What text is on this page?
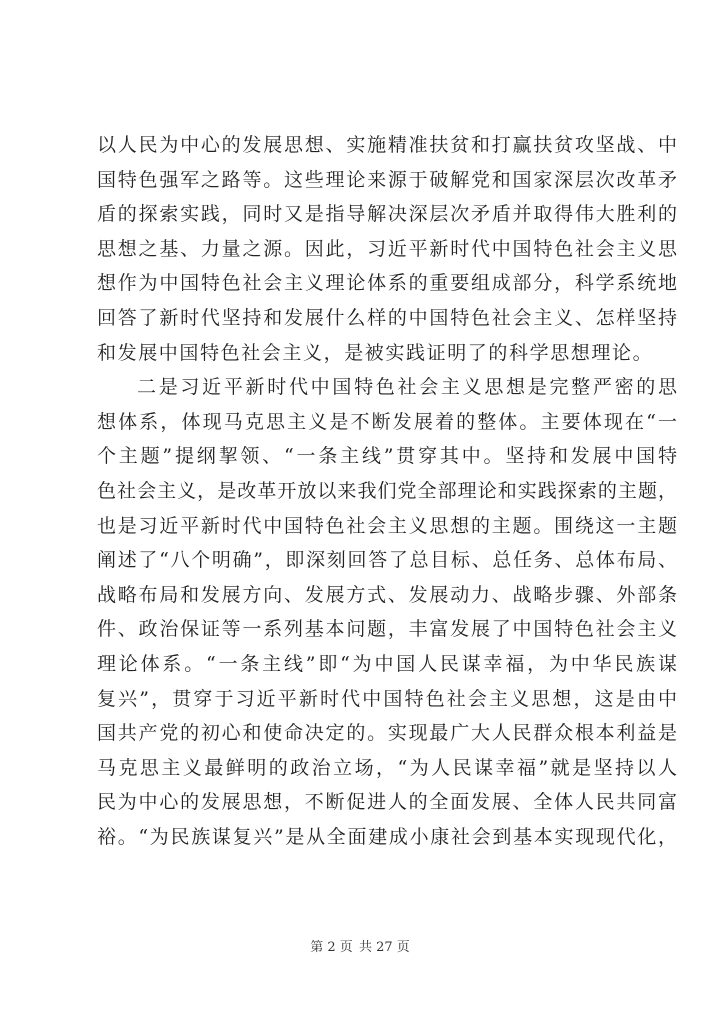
以人民为中心的发展思想、实施精准扶贫和打赢扶贫攻坚战、中
国特色强军之路等。这些理论来源于破解党和国家深层次改革矛
盾的探索实践，同时又是指导解决深层次矛盾并取得伟大胜利的
思想之基、力量之源。因此，习近平新时代中国特色社会主义思
想作为中国特色社会主义理论体系的重要组成部分，科学系统地
回答了新时代坚持和发展什么样的中国特色社会主义、怎样坚持
和发展中国特色社会主义，是被实践证明了的科学思想理论。
二是习近平新时代中国特色社会主义思想是完整严密的思
想体系，体现马克思主义是不断发展着的整体。主要体现在“一
个主题”提纲挈领、“一条主线”贯穿其中。坚持和发展中国特
色社会主义，是改革开放以来我们党全部理论和实践探索的主题，
也是习近平新时代中国特色社会主义思想的主题。围绕这一主题
阐述了“八个明确”，即深刻回答了总目标、总任务、总体布局、
战略布局和发展方向、发展方式、发展动力、战略步骤、外部条
件、政治保证等一系列基本问题，丰富发展了中国特色社会主义
理论体系。“一条主线”即“为中国人民谋幸福，为中华民族谋
复兴”，贯穿于习近平新时代中国特色社会主义思想，这是由中
国共产党的初心和使命决定的。实现最广大人民群众根本利益是
马克思主义最鲜明的政治立场，“为人民谋幸福”就是坚持以人
民为中心的发展思想，不断促进人的全面发展、全体人民共同富
裕。“为民族谋复兴”是从全面建成小康社会到基本实现现代化，
第 2 页 共 27 页
